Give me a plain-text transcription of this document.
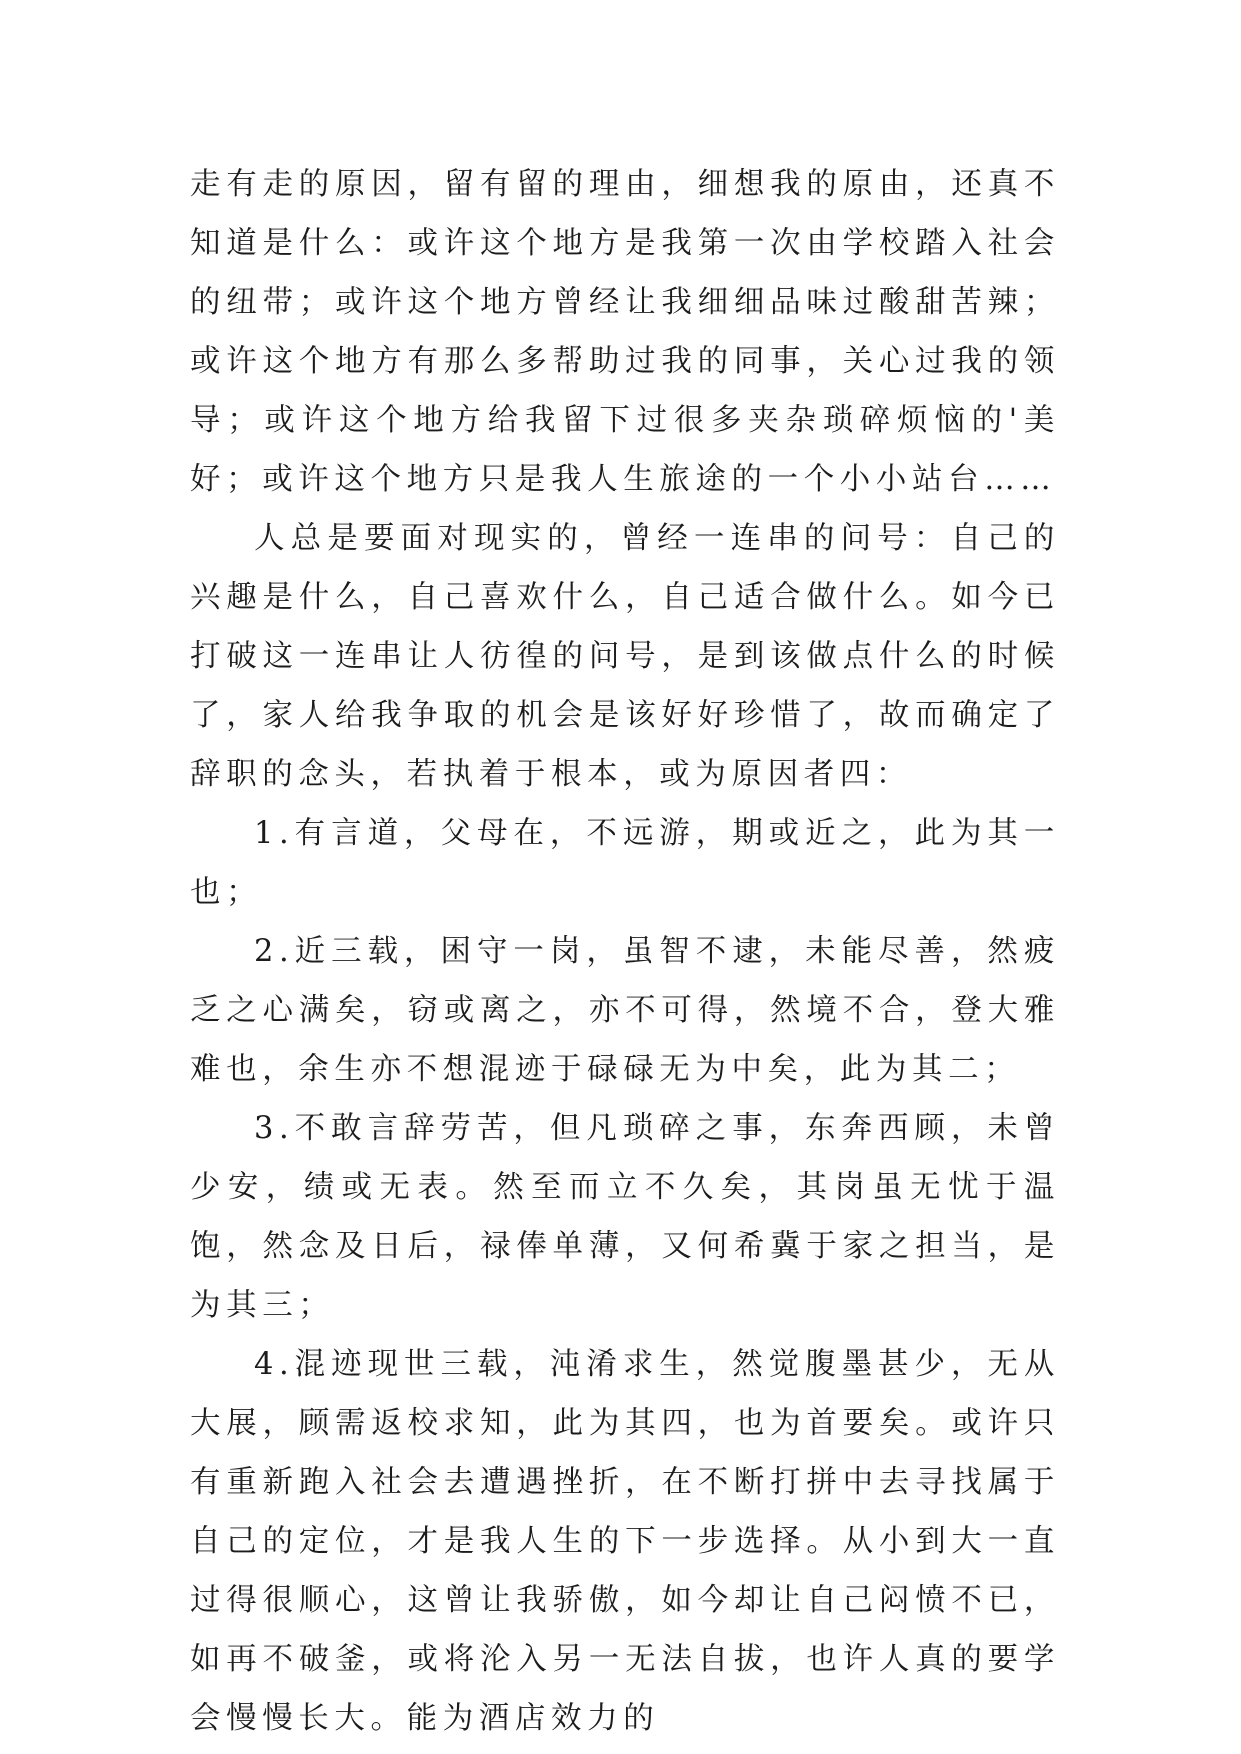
走有走的原因，留有留的理由，细想我的原由，还真不知道是什么：或许这个地方是我第一次由学校踏入社会的纽带；或许这个地方曾经让我细细品味过酸甜苦辣；或许这个地方有那么多帮助过我的同事，关心过我的领导；或许这个地方给我留下过很多夹杂琐碎烦恼的'美好；或许这个地方只是我人生旅途的一个小小站台……

人总是要面对现实的，曾经一连串的问号：自己的兴趣是什么，自己喜欢什么，自己适合做什么。如今已打破这一连串让人彷徨的问号，是到该做点什么的时候了，家人给我争取的机会是该好好珍惜了，故而确定了辞职的念头，若执着于根本，或为原因者四：

1.有言道，父母在，不远游，期或近之，此为其一也；

2.近三载，困守一岗，虽智不逮，未能尽善，然疲乏之心满矣，窃或离之，亦不可得，然境不合，登大雅难也，余生亦不想混迹于碌碌无为中矣，此为其二；

3.不敢言辞劳苦，但凡琐碎之事，东奔西顾，未曾少安，绩或无表。然至而立不久矣，其岗虽无忧于温饱，然念及日后，禄俸单薄，又何希冀于家之担当，是为其三；

4.混迹现世三载，沌淆求生，然觉腹墨甚少，无从大展，顾需返校求知，此为其四，也为首要矣。或许只有重新跑入社会去遭遇挫折，在不断打拼中去寻找属于自己的定位，才是我人生的下一步选择。从小到大一直过得很顺心，这曾让我骄傲，如今却让自己闷愤不已，如再不破釜，或将沦入另一无法自拔，也许人真的要学会慢慢长大。能为酒店效力的
